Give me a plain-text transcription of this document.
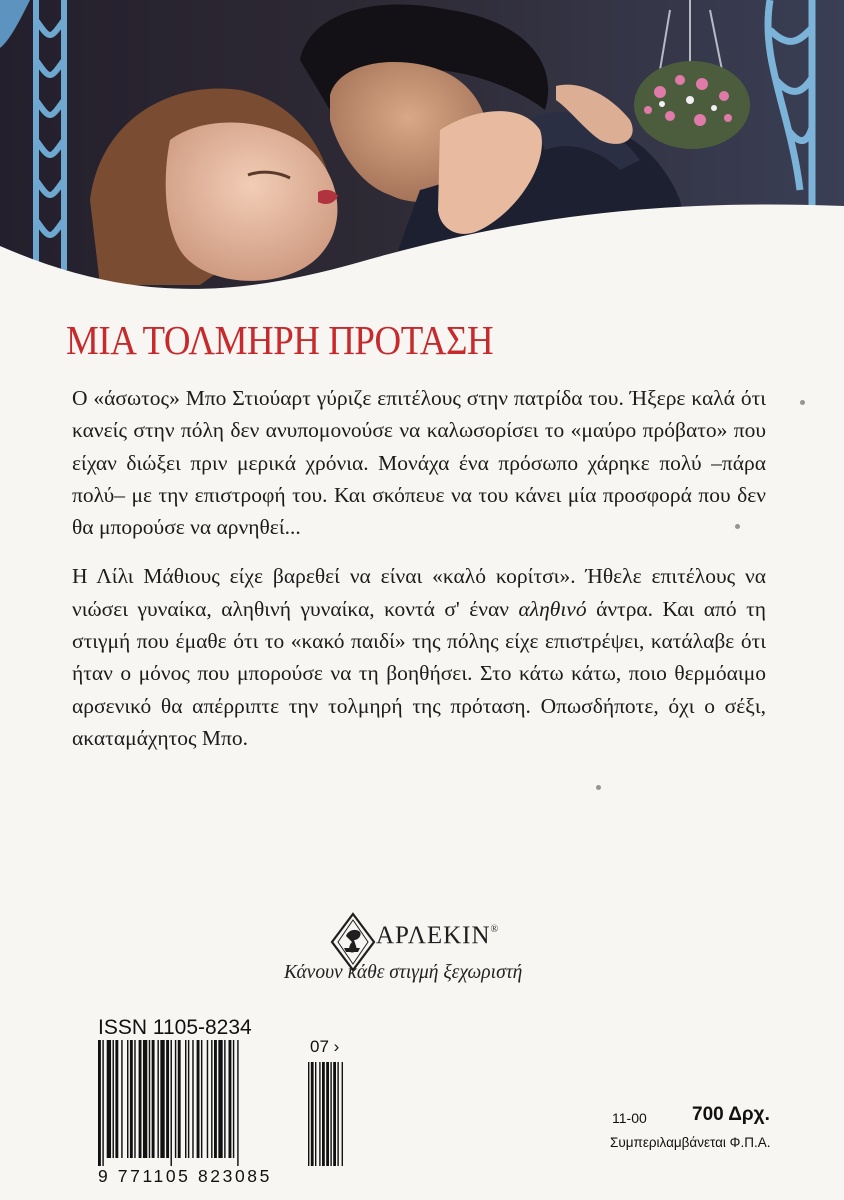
ΜΙΑ ΤΟΛΜΗΡΗ ΠΡΟΤΑΣΗ

Ο «άσωτος» Μπο Στιούαρτ γύριζε επιτέλους στην πατρίδα του. Ήξερε καλά ότι κανείς στην πόλη δεν ανυπομονούσε να καλωσορίσει το «μαύρο πρόβατο» που είχαν διώξει πριν μερικά χρόνια. Μονάχα ένα πρόσωπο χάρηκε πολύ –πάρα πολύ– με την επιστροφή του. Και σκόπευε να του κάνει μία προσφορά που δεν θα μπορούσε να αρνηθεί...

Η Λίλι Μάθιους είχε βαρεθεί να είναι «καλό κορίτσι». Ήθελε επιτέλους να νιώσει γυναίκα, αληθινή γυναίκα, κοντά σ' έναν αληθινό άντρα. Και από τη στιγμή που έμαθε ότι το «κακό παιδί» της πόλης είχε επιστρέψει, κατάλαβε ότι ήταν ο μόνος που μπορούσε να τη βοηθήσει. Στο κάτω κάτω, ποιο θερμόαιμο αρσενικό θα απέρριπτε την τολμηρή της πρόταση. Οπωσδήποτε, όχι ο σέξι, ακαταμάχητος Μπο.

ΑΡΛΕΚΙΝ®
Κάνουν κάθε στιγμή ξεχωριστή
ISSN 1105-8234
07 ›
9 771105 823085
11-00 700 Δρχ.
Συμπεριλαμβάνεται Φ.Π.Α.
